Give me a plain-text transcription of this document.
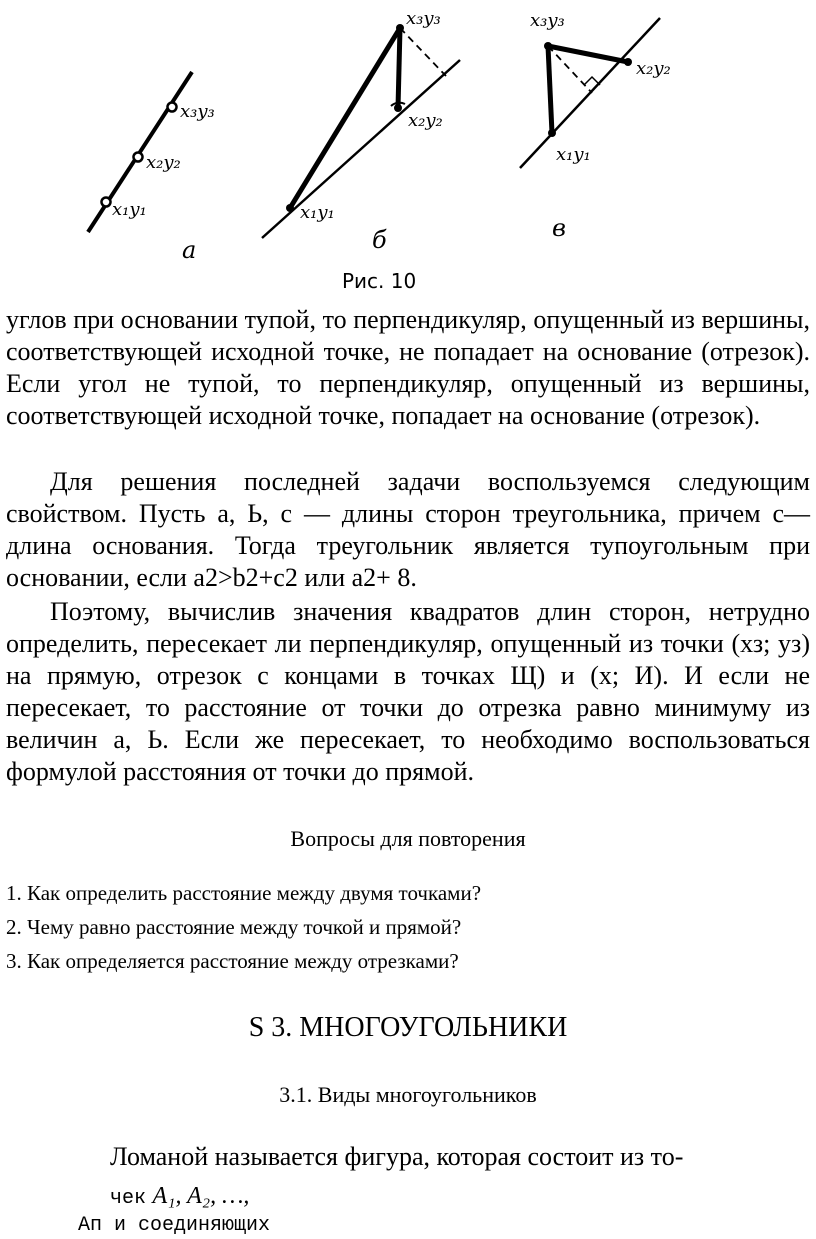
x₁y₁
x₂y₂
x₃y₃
а
x₁y₁
x₂y₂
x₃y₃
б
x₁y₁
x₂y₂
x₃y₃
в
Рис. 10

углов при основании тупой, то перпендикуляр, опущенный из вершины, соответствующей исходной точке, не попадает на основание (отрезок). Если угол не тупой, то перпендикуляр, опущенный из вершины, соответствующей исходной точке, попадает на основание (отрезок).

Для решения последней задачи воспользуемся следующим свойством. Пусть а, Ь, с — длины сторон треугольника, причем с— длина основания. Тогда треугольник является тупоугольным при основании, если а2>b2+с2 или а2+ 8.

Поэтому, вычислив значения квадратов длин сторон, нетрудно определить, пересекает ли перпендикуляр, опущенный из точки (хз; уз) на прямую, отрезок с концами в точках Щ) и (х; И). И если не пересекает, то расстояние от точки до отрезка равно минимуму из величин а, Ь. Если же пересекает, то необходимо воспользоваться формулой расстояния от точки до прямой.

Вопросы для повторения

1. Как определить расстояние между двумя точками?
2. Чему равно расстояние между точкой и прямой?
3. Как определяется расстояние между отрезками?

S 3. МНОГОУГОЛЬНИКИ

3.1. Виды многоугольников

Ломаной называется фигура, которая состоит из то-

чек A₁, A₂, …,

Ап и соединяющих
